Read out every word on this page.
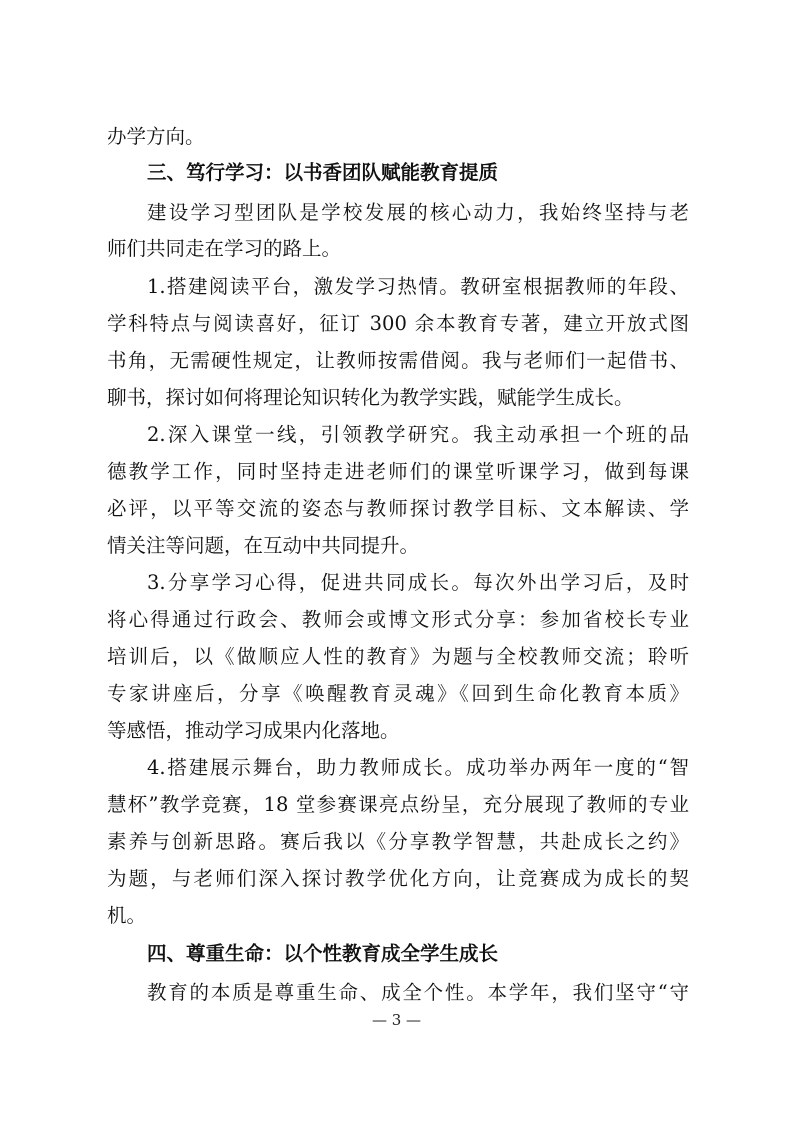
办学方向。
三、笃行学习：以书香团队赋能教育提质
建设学习型团队是学校发展的核心动力，我始终坚持与老
师们共同走在学习的路上。
1.搭建阅读平台，激发学习热情。教研室根据教师的年段、
学科特点与阅读喜好，征订 300 余本教育专著，建立开放式图
书角，无需硬性规定，让教师按需借阅。我与老师们一起借书、
聊书，探讨如何将理论知识转化为教学实践，赋能学生成长。
2.深入课堂一线，引领教学研究。我主动承担一个班的品
德教学工作，同时坚持走进老师们的课堂听课学习，做到每课
必评，以平等交流的姿态与教师探讨教学目标、文本解读、学
情关注等问题，在互动中共同提升。
3.分享学习心得，促进共同成长。每次外出学习后，及时
将心得通过行政会、教师会或博文形式分享：参加省校长专业
培训后，以《做顺应人性的教育》为题与全校教师交流；聆听
专家讲座后，分享《唤醒教育灵魂》《回到生命化教育本质》
等感悟，推动学习成果内化落地。
4.搭建展示舞台，助力教师成长。成功举办两年一度的“智
慧杯”教学竞赛，18 堂参赛课亮点纷呈，充分展现了教师的专业
素养与创新思路。赛后我以《分享教学智慧，共赴成长之约》
为题，与老师们深入探讨教学优化方向，让竞赛成为成长的契
机。
四、尊重生命：以个性教育成全学生成长
教育的本质是尊重生命、成全个性。本学年，我们坚守“守
— 3 —
